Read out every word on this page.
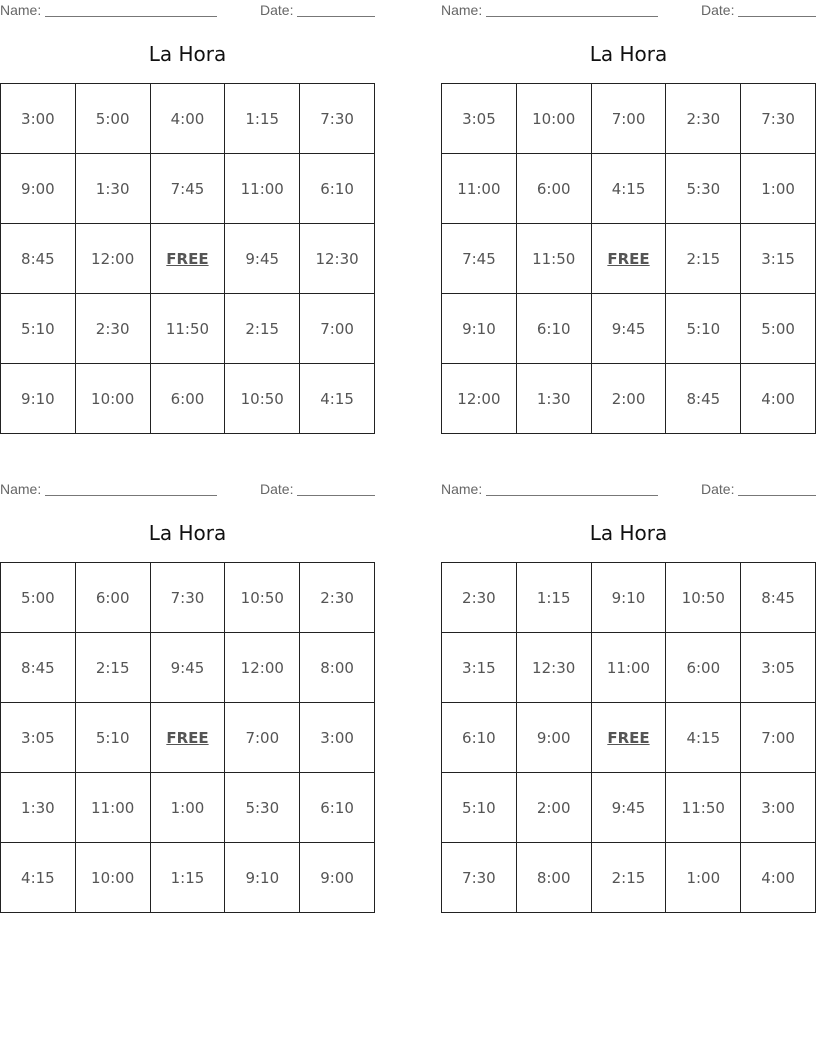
Name:	Date:
La Hora
3:00	5:00	4:00	1:15	7:30
9:00	1:30	7:45	11:00	6:10
8:45	12:00	FREE	9:45	12:30
5:10	2:30	11:50	2:15	7:00
9:10	10:00	6:00	10:50	4:15
Name:	Date:
La Hora
3:05	10:00	7:00	2:30	7:30
11:00	6:00	4:15	5:30	1:00
7:45	11:50	FREE	2:15	3:15
9:10	6:10	9:45	5:10	5:00
12:00	1:30	2:00	8:45	4:00
Name:	Date:
La Hora
5:00	6:00	7:30	10:50	2:30
8:45	2:15	9:45	12:00	8:00
3:05	5:10	FREE	7:00	3:00
1:30	11:00	1:00	5:30	6:10
4:15	10:00	1:15	9:10	9:00
Name:	Date:
La Hora
2:30	1:15	9:10	10:50	8:45
3:15	12:30	11:00	6:00	3:05
6:10	9:00	FREE	4:15	7:00
5:10	2:00	9:45	11:50	3:00
7:30	8:00	2:15	1:00	4:00
